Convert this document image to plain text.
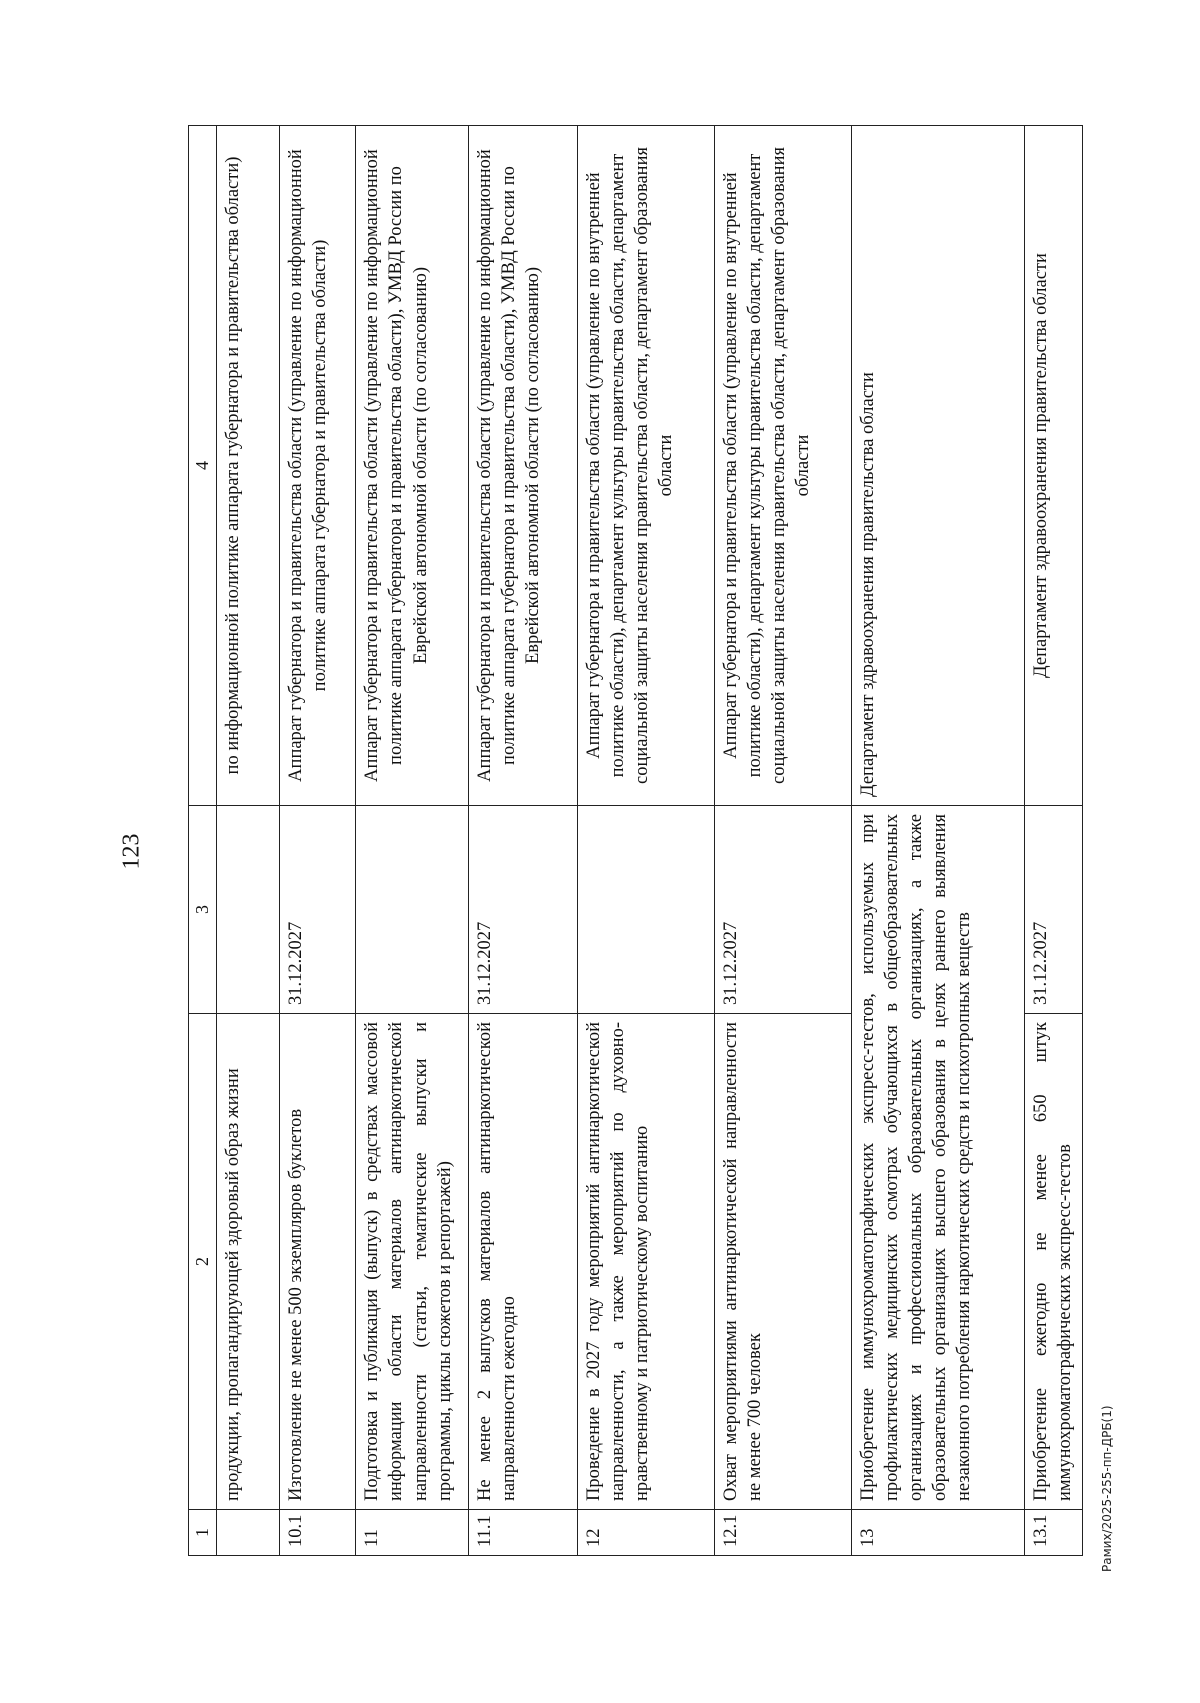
123
1	2	3	4
	продукции, пропагандирующей здоровый образ жизни		по информационной политике аппарата губернатора и правительства области)
10.1	Изготовление не менее 500 экземпляров буклетов	31.12.2027	Аппарат губернатора и правительства области (управление по информационной политике аппарата губернатора и правительства области)
11	Подготовка и публикация (выпуск) в средствах массовой информации области материалов антинаркотической направленности (статьи, тематические выпуски и программы, циклы сюжетов и репортажей)		Аппарат губернатора и правительства области (управление по информационной политике аппарата губернатора и правительства области), УМВД России по Еврейской автономной области (по согласованию)
11.1	Не менее 2 выпусков материалов антинаркотической направленности ежегодно	31.12.2027	Аппарат губернатора и правительства области (управление по информационной политике аппарата губернатора и правительства области), УМВД России по Еврейской автономной области (по согласованию)
12	Проведение в 2027 году мероприятий антинаркотической направленности, а также мероприятий по духовно-нравственному и патриотическому воспитанию		Аппарат губернатора и правительства области (управление по внутренней политике области), департамент культуры правительства области, департамент социальной защиты населения правительства области, департамент образования области
12.1	Охват мероприятиями антинаркотической направленности не менее 700 человек	31.12.2027	Аппарат губернатора и правительства области (управление по внутренней политике области), департамент культуры правительства области, департамент социальной защиты населения правительства области, департамент образования области
13	Приобретение иммунохроматографических экспресс-тестов, используемых при профилактических медицинских осмотрах обучающихся в общеобразовательных организациях и профессиональных образовательных организациях, а также образовательных организациях высшего образования в целях раннего выявления незаконного потребления наркотических средств и психотропных веществ		Департамент здравоохранения правительства области
13.1	Приобретение ежегодно не менее 650 штук иммунохроматографических экспресс-тестов	31.12.2027	Департамент здравоохранения правительства области
Рамих/2025-255-пп-ДРБ(1)
